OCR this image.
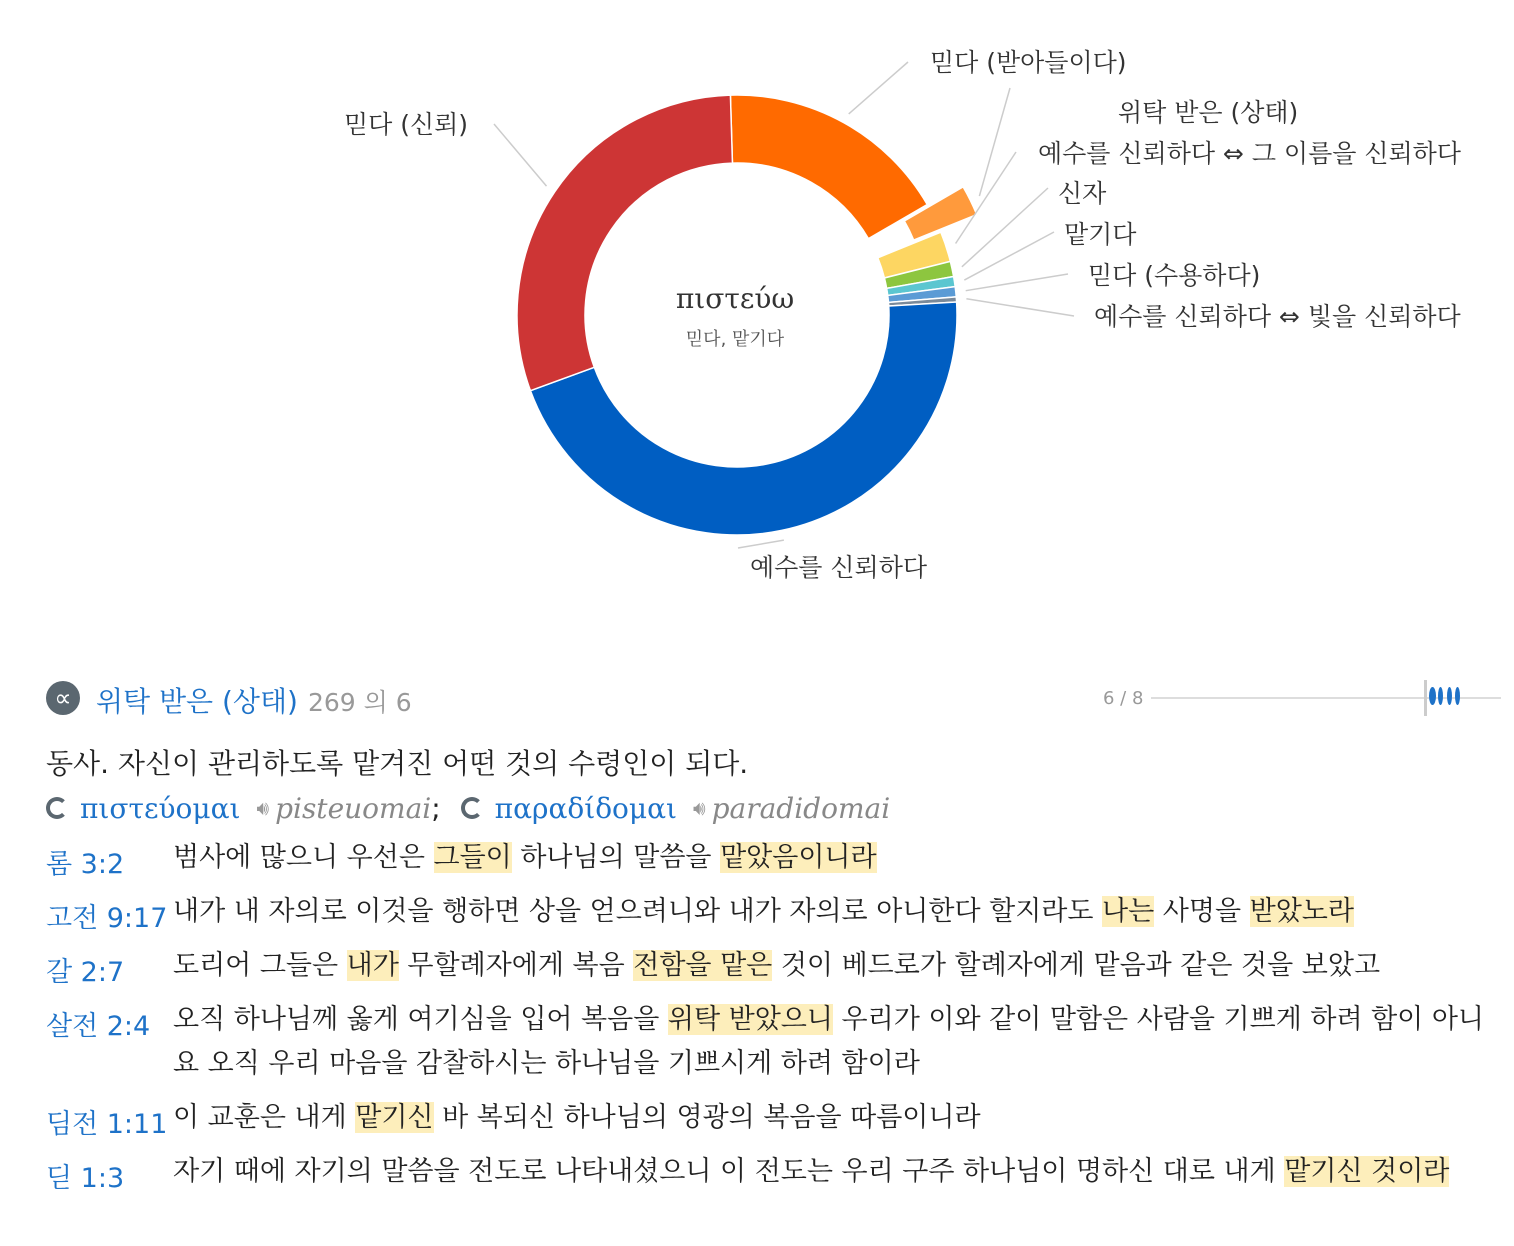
πιστεύω
믿다, 맡기다
믿다 (받아들이다)
위탁 받은 (상태)
예수를 신뢰하다 ⇔ 그 이름을 신뢰하다
신자
맡기다
믿다 (수용하다)
예수를 신뢰하다 ⇔ 빛을 신뢰하다
예수를 신뢰하다
믿다 (신뢰)
∝ 위탁 받은 (상태) 269 의 6	6 / 8
동사. 자신이 관리하도록 맡겨진 어떤 것의 수령인이 되다.
πιστεύομαι 🔊︎ pisteuomai; παραδίδομαι 🔊︎ paradidomai
롬 3:2 범사에 많으니 우선은 그들이 하나님의 말씀을 맡았음이니라
고전 9:17 내가 내 자의로 이것을 행하면 상을 얻으려니와 내가 자의로 아니한다 할지라도 나는 사명을 받았노라
갈 2:7 도리어 그들은 내가 무할례자에게 복음 전함을 맡은 것이 베드로가 할례자에게 맡음과 같은 것을 보았고
살전 2:4 오직 하나님께 옳게 여기심을 입어 복음을 위탁 받았으니 우리가 이와 같이 말함은 사람을 기쁘게 하려 함이 아니요 오직 우리 마음을 감찰하시는 하나님을 기쁘시게 하려 함이라
딤전 1:11 이 교훈은 내게 맡기신 바 복되신 하나님의 영광의 복음을 따름이니라
딛 1:3 자기 때에 자기의 말씀을 전도로 나타내셨으니 이 전도는 우리 구주 하나님이 명하신 대로 내게 맡기신 것이라
